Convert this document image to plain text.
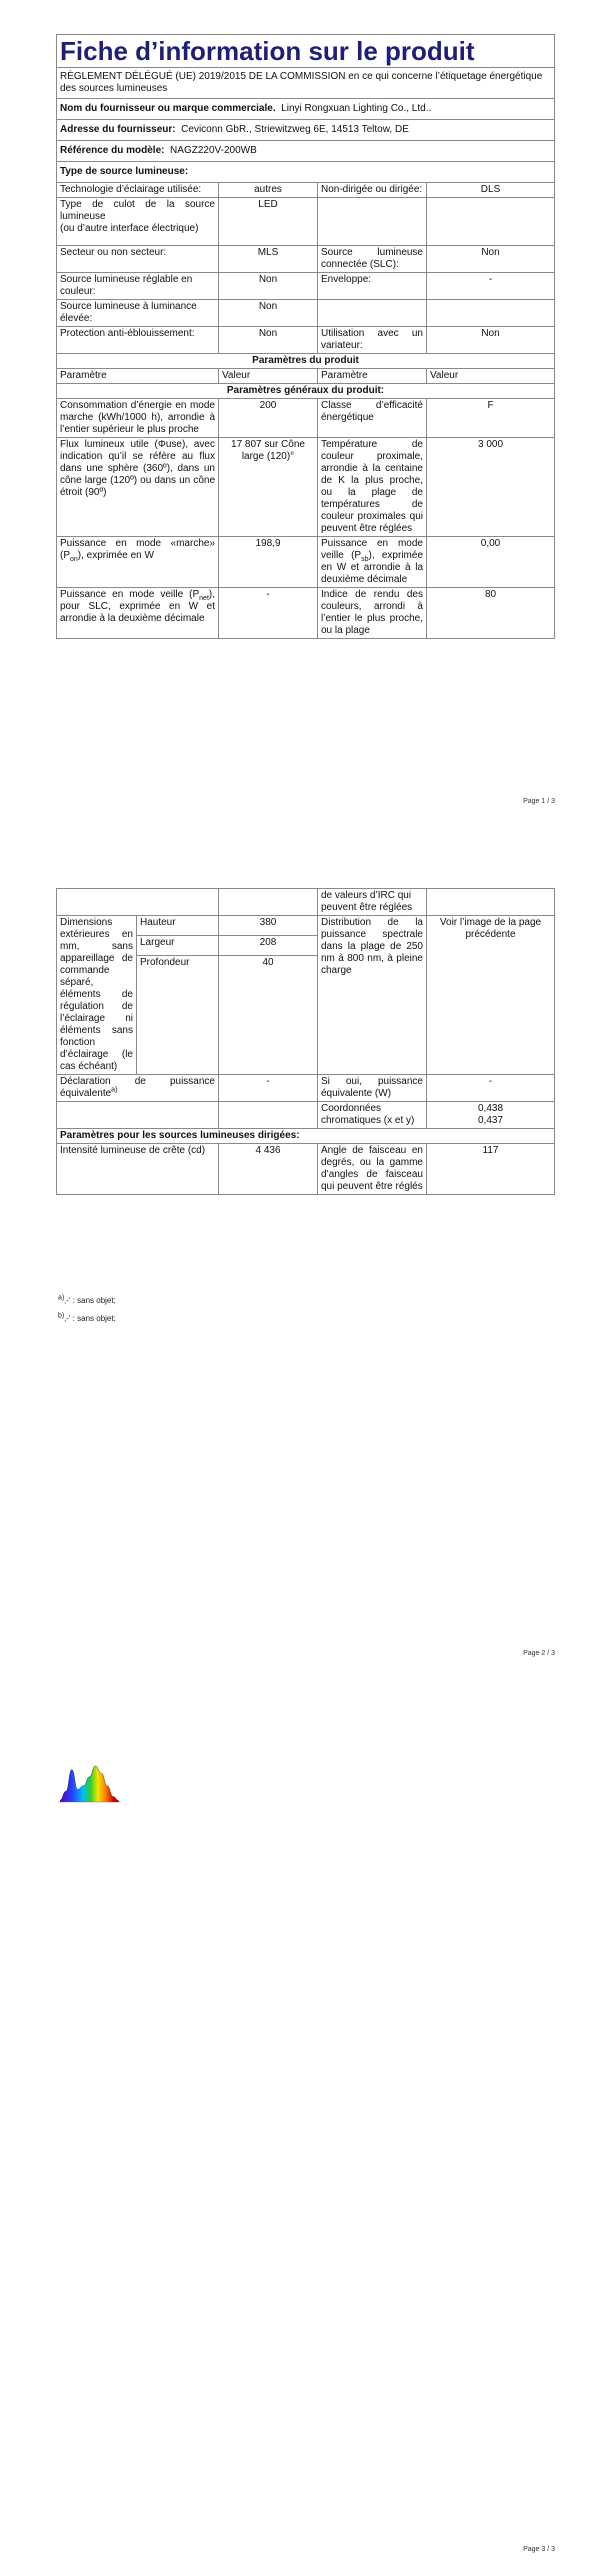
Fiche d’information sur le produit			
RÈGLEMENT DÉLÉGUÉ (UE) 2019/2015 DE LA COMMISSION en ce qui concerne l’étiquetage énergétique des sources lumineuses			
Nom du fournisseur ou marque commerciale. Linyi Rongxuan Lighting Co., Ltd..			
Adresse du fournisseur: Ceviconn GbR., Striewitzweg 6E, 14513 Teltow, DE			
Référence du modèle: NAGZ220V-200WB			
Type de source lumineuse:			
Technologie d’éclairage utilisée:	autres	Non-dirigée ou dirigée:	DLS
Type de culot de la source lumineuse
(ou d’autre interface électrique)	LED		
Secteur ou non secteur:	MLS	Source lumineuse connectée (SLC):	Non
Source lumineuse réglable en couleur:	Non	Enveloppe:	-
Source lumineuse à luminance élevée:	Non		
Protection anti-éblouissement:	Non	Utilisation avec un variateur:	Non
Paramètres du produit			
Paramètre	Valeur	Paramètre	Valeur
Paramètres généraux du produit:			
Consommation d’énergie en mode marche (kWh/1000 h), arrondie à l’entier supérieur le plus proche	200	Classe d’efficacité énergétique	F
Flux lumineux utile (Φuse), avec indication qu’il se réfère au flux dans une sphère (360º), dans un cône large (120º) ou dans un cône étroit (90º)	17 807 sur Cône large (120)°	Température de couleur proximale, arrondie à la centaine de K la plus proche, ou la plage de températures de couleur proximales qui peuvent être réglées	3 000
Puissance en mode «marche» $(P_{on})$, exprimée en W	198,9	Puissance en mode veille $(P_{sb})$, exprimée en W et arrondie à la deuxième décimale	0,00
Puissance en mode veille $(P_{net})$, pour SLC, exprimée en W et arrondie à la deuxième décimale	-	Indice de rendu des couleurs, arrondi à l’entier le plus proche, ou la plage	80
Page 1 / 3
			de valeurs d’IRC qui peuvent être réglées	
Dimensions extérieures en mm, sans appareillage de commande séparé, éléments de régulation de l’éclairage ni éléments sans fonction d’éclairage (le cas échéant)	Hauteur	380	Distribution de la puissance spectrale dans la plage de 250 nm à 800 nm, à pleine charge	Voir l’image de la page précédente
	Largeur	208		
	Profondeur	40		

Déclaration de puissance équivalente$^{a)}$		-	Si oui, puissance équivalente (W)	-
			Coordonnées chromatiques (x et y)	0,438
0,437

Paramètres pour les sources lumineuses dirigées:				
Intensité lumineuse de crête (cd)		4 436	Angle de faisceau en degrés, ou la gamme d’angles de faisceau qui peuvent être réglés	117
$^{a)}$‚-‘ : sans objet;
$^{b)}$‚-‘ : sans objet;
Page 2 / 3
Page 3 / 3
